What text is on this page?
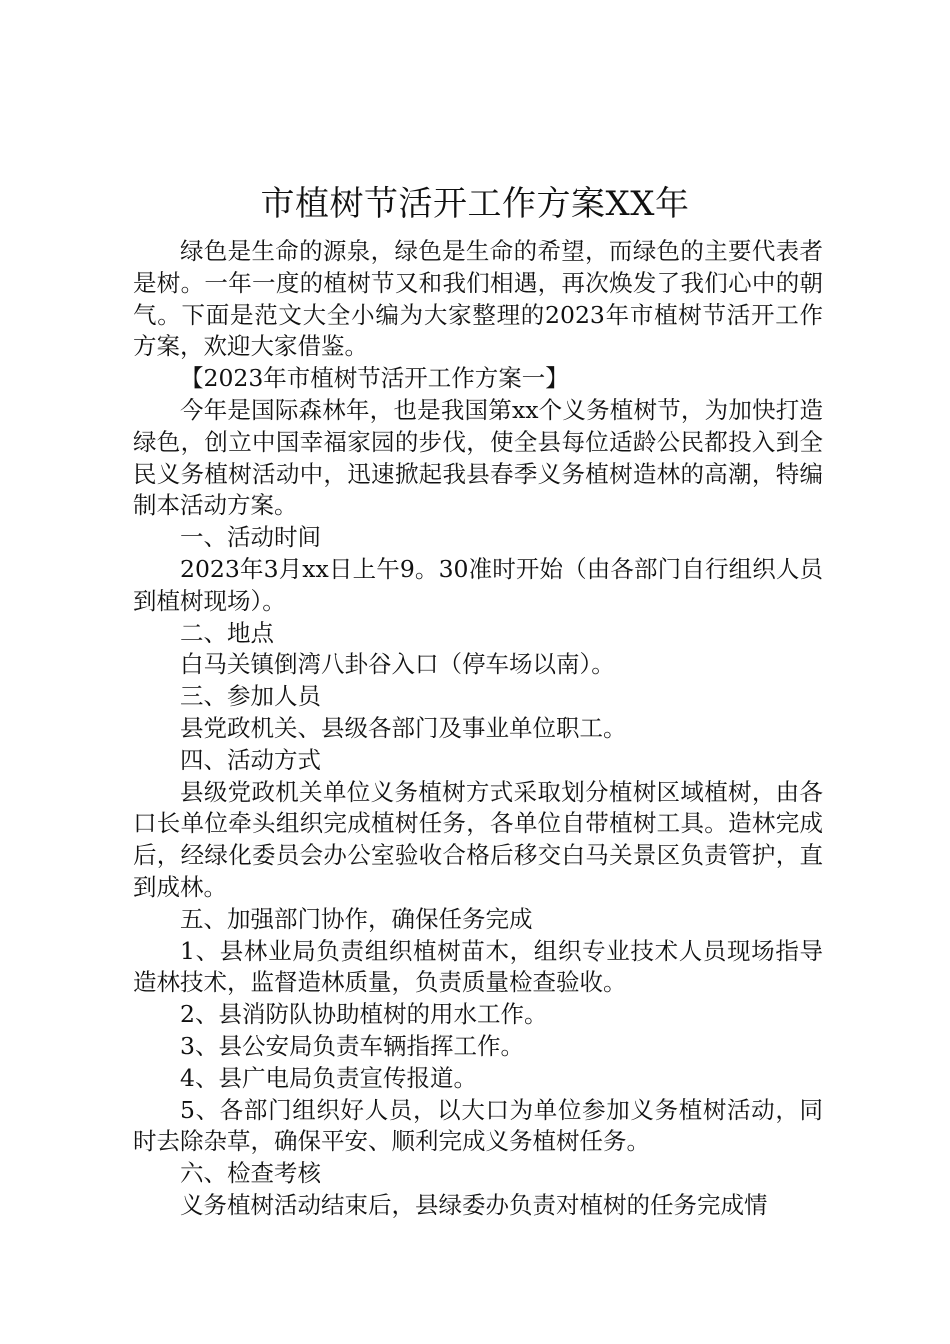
市植树节活开工作方案XX年

绿色是生命的源泉，绿色是生命的希望，而绿色的主要代表者是树。一年一度的植树节又和我们相遇，再次焕发了我们心中的朝气。下面是范文大全小编为大家整理的2023年市植树节活开工作方案，欢迎大家借鉴。

【2023年市植树节活开工作方案一】

今年是国际森林年，也是我国第xx个义务植树节，为加快打造绿色，创立中国幸福家园的步伐，使全县每位适龄公民都投入到全民义务植树活动中，迅速掀起我县春季义务植树造林的高潮，特编制本活动方案。

一、活动时间

2023年3月xx日上午9。30准时开始（由各部门自行组织人员到植树现场）。

二、地点

白马关镇倒湾八卦谷入口（停车场以南）。

三、参加人员

县党政机关、县级各部门及事业单位职工。

四、活动方式

县级党政机关单位义务植树方式采取划分植树区域植树，由各口长单位牵头组织完成植树任务，各单位自带植树工具。造林完成后，经绿化委员会办公室验收合格后移交白马关景区负责管护，直到成林。

五、加强部门协作，确保任务完成

1、县林业局负责组织植树苗木，组织专业技术人员现场指导造林技术，监督造林质量，负责质量检查验收。

2、县消防队协助植树的用水工作。

3、县公安局负责车辆指挥工作。

4、县广电局负责宣传报道。

5、各部门组织好人员，以大口为单位参加义务植树活动，同时去除杂草，确保平安、顺利完成义务植树任务。

六、检查考核

义务植树活动结束后，县绿委办负责对植树的任务完成情
